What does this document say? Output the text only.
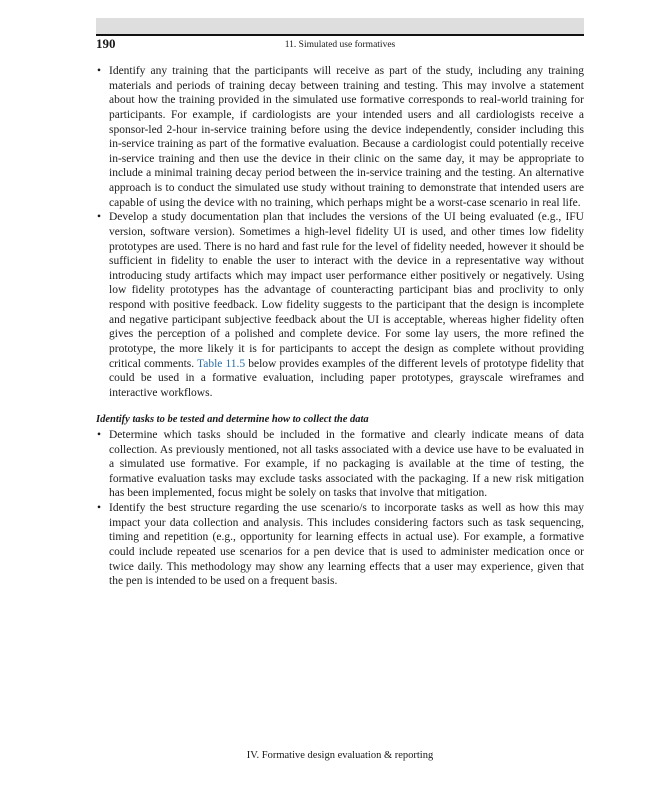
190	11. Simulated use formatives
• Identify any training that the participants will receive as part of the study, including any training materials and periods of training decay between training and testing. This may involve a statement about how the training provided in the simulated use formative corresponds to real-world training for participants. For example, if cardiologists are your intended users and all cardiologists receive a sponsor-led 2-hour in-service training before using the device independently, consider including this in-service training as part of the formative evaluation. Because a cardiologist could potentially receive in-service training and then use the device in their clinic on the same day, it may be appropriate to include a minimal training decay period between the in-service training and the testing. An alternative approach is to conduct the simulated use study without training to demonstrate that intended users are capable of using the device with no training, which perhaps might be a worst-case scenario in real life.
• Develop a study documentation plan that includes the versions of the UI being evaluated (e.g., IFU version, software version). Sometimes a high-level fidelity UI is used, and other times low fidelity prototypes are used. There is no hard and fast rule for the level of fidelity needed, however it should be sufficient in fidelity to enable the user to interact with the device in a representative way without introducing study artifacts which may impact user performance either positively or negatively. Using low fidelity prototypes has the advantage of counteracting participant bias and proclivity to only respond with positive feedback. Low fidelity suggests to the participant that the design is incomplete and negative participant subjective feedback about the UI is acceptable, whereas higher fidelity often gives the perception of a polished and complete device. For some lay users, the more refined the prototype, the more likely it is for participants to accept the design as complete without providing critical comments. Table 11.5 below provides examples of the different levels of prototype fidelity that could be used in a formative evaluation, including paper prototypes, grayscale wireframes and interactive workflows.
Identify tasks to be tested and determine how to collect the data
• Determine which tasks should be included in the formative and clearly indicate means of data collection. As previously mentioned, not all tasks associated with a device use have to be evaluated in a simulated use formative. For example, if no packaging is available at the time of testing, the formative evaluation tasks may exclude tasks associated with the packaging. If a new risk mitigation has been implemented, focus might be solely on tasks that involve that mitigation.
• Identify the best structure regarding the use scenario/s to incorporate tasks as well as how this may impact your data collection and analysis. This includes considering factors such as task sequencing, timing and repetition (e.g., opportunity for learning effects in actual use). For example, a formative could include repeated use scenarios for a pen device that is used to administer medication once or twice daily. This methodology may show any learning effects that a user may experience, given that the pen is intended to be used on a frequent basis.
IV. Formative design evaluation & reporting
